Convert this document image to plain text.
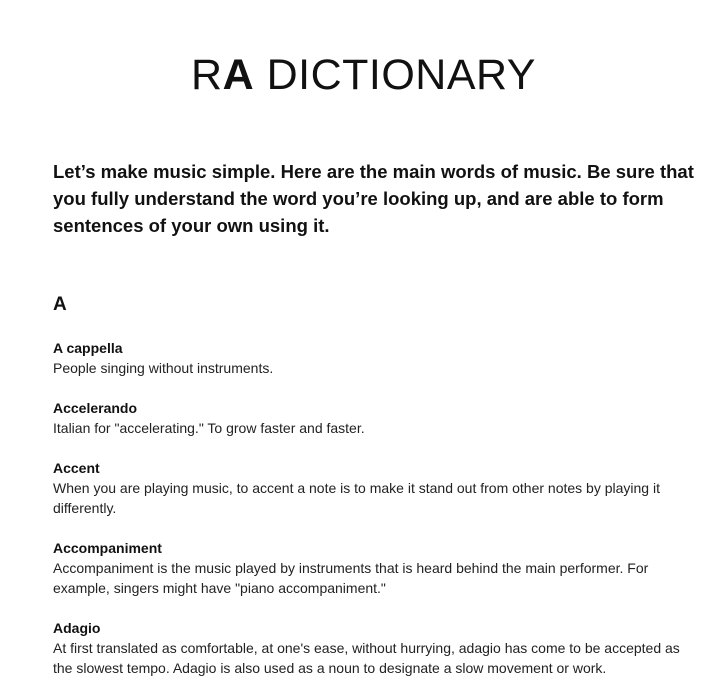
RA DICTIONARY
Let’s make music simple. Here are the main words of music. Be sure that you fully understand the word you’re looking up, and are able to form sentences of your own using it.
A
A cappella
People singing without instruments.
Accelerando
Italian for "accelerating." To grow faster and faster.
Accent
When you are playing music, to accent a note is to make it stand out from other notes by playing it differently.
Accompaniment
Accompaniment is the music played by instruments that is heard behind the main performer. For example, singers might have "piano accompaniment."
Adagio
At first translated as comfortable, at one's ease, without hurrying, adagio has come to be accepted as the slowest tempo. Adagio is also used as a noun to designate a slow movement or work.
